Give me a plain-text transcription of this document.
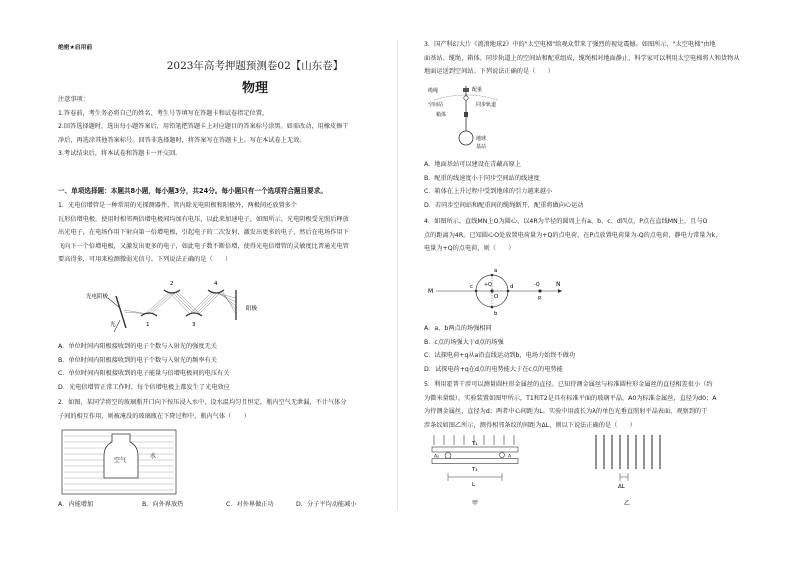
绝密★启用前
2023年高考押题预测卷02【山东卷】
物理

注意事项：

1.答卷前，考生务必将自己的姓名、考生号等填写在答题卡和试卷指定位置。

2.回答选择题时，选出每小题答案后，用铅笔把答题卡上对应题目的答案标号涂黑。如需改动，用橡皮擦干

净后，再选涂其他答案标号。回答非选择题时，将答案写在答题卡上。写在本试卷上无效。

3.考试结束后，将本试卷和答题卡一并交回。

一、单项选择题：本题共8小题，每小题3分，共24分。每小题只有一个选项符合题目要求。

1．光电倍增管是一种常用的光探测器件，管内除光电阴极和阳极外，两极间还放置多个

瓦形倍增电极。使用时相邻两倍增电极间均加有电压，以此来加速电子。如图所示，光电阴极受光照后释放

出光电子，在电场作用下射向第一倍增电极，引起电子的二次发射，激发出更多的电子，然后在电场作用下

飞向下一个倍增电极，又激发出更多的电子，如此电子数不断倍增，使得光电倍增管的灵敏度比普通光电管

要高得多，可用来检测微弱光信号。下列说法正确的是（　　）

光电阴极
光	1
2
3
4
阳极

A．单位时间内阳极接收到的电子个数与入射光的强度无关

B．单位时间内阳极接收到的电子个数与入射光的频率有关

C．单位时间内阳极接收到的电子能量与倍增电极间的电压有关

D．光电倍增管正常工作时，每个倍增电极上都发生了光电效应

2．如图，某同学将空的玻璃瓶开口向下按压浸入水中，设水温均匀且恒定，瓶内空气无泄漏，不计气体分

子间的相互作用，则被淹没的玻璃瓶在下降过程中，瓶内气体（　　）

空气
水
A．内能增加	B．向外界放热	C．对外界做正功	D．分子平均动能减小

3．国产科幻大片《流浪地球2》中的"太空电梯"给观众带来了强烈的视觉震撼。如图所示，"太空电梯"由地

面基站、缆绳、箱体、同步轨道上的空间站和配重组成，缆绳相对地面静止，科学家可以利用太空电梯将人和货物从

地面运送到空间站。下列说法正确的是（　　）

缆绳	配重
空间站	同步轨道
箱体
地球
基站

A．地面基站可以建设在青藏高原上

B．配重的线速度小于同步空间站的线速度

C．箱体在上升过程中受到地球的引力越来越小

D．若同步空间站和配重间的缆绳断开，配重将做向心运动

4．如图所示，直线MN上O为圆心、以4R为半径的圆周上有a、b、c、d四点，P点在直线MN上，且与O

点的距离为4R。已知圆心O处放置电荷量为+Q的点电荷，在P点放置电荷量为-Q的点电荷，静电力常量为k，

电量为+Q的点电荷，则（　　）

M
N
O	P
a
b
c	d
+Q	-Q

A．a、b两点的场强相同

B．c点的场强大于d点的场强

C．试探电荷+q从a沿直线运动到b，电场力始终不做功

D．试探电荷+q在d点的电势能大于在c点的电势能

5．利用霍普干涉可以测量圆柱形金属丝的直径。已知待测金属丝与标准圆柱形金属丝的直径相差很小（约

为微米量级），实验装置如图甲所示，T1和T2是具有标准平面的玻璃平晶，A0为标准金属丝，直径为d0；A

为待测金属丝，直径为d；两者中心间距为L。实验中用波长为λ的单色光垂直照射平晶表面，观察到的干

涉条纹如图乙所示，测得相邻条纹的间距为ΔL，则以下说法正确的是（　　）

T₁
T₂
A₀	A
L
甲
ΔL
乙
